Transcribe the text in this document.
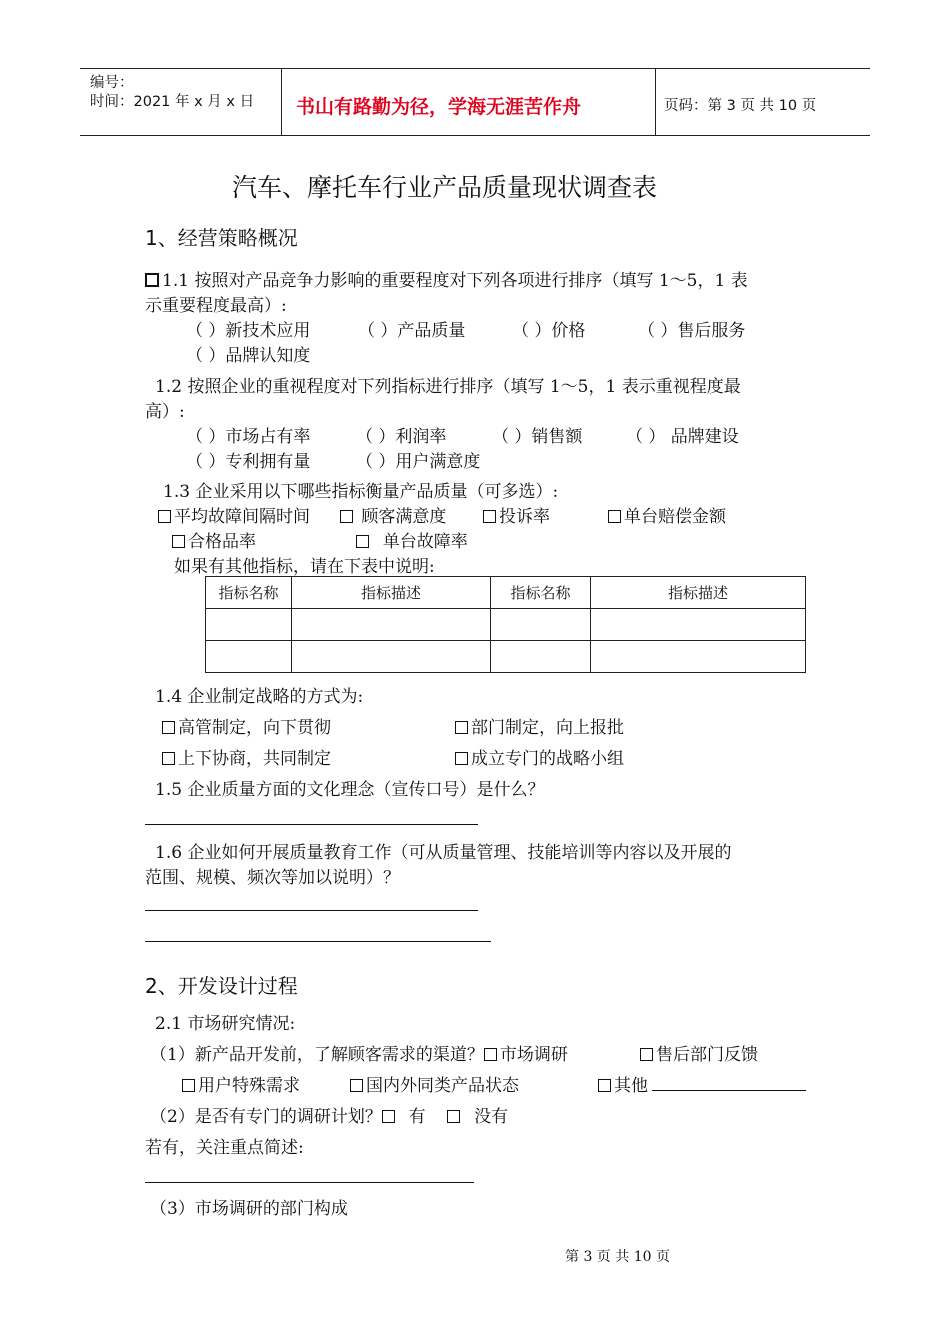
编号：
时间：2021 年 x 月 x 日 书山有路勤为径，学海无涯苦作舟	页码：第 3 页 共 10 页
汽车、摩托车行业产品质量现状调查表
1、经营策略概况
1.1 按照对产品竞争力影响的重要程度对下列各项进行排序（填写 1～5，1 表
示重要程度最高）:
（ ）新技术应用	（ ）产品质量	（ ）价格	（ ）售后服务
（ ）品牌认知度
1.2 按照企业的重视程度对下列指标进行排序（填写 1～5，1 表示重视程度最
高）:
（ ）市场占有率	（ ）利润率	（ ）销售额	（ ） 品牌建设
（ ）专利拥有量	（ ）用户满意度
1.3 企业采用以下哪些指标衡量产品质量（可多选）:
平均故障间隔时间	顾客满意度	投诉率	单台赔偿金额
合格品率	单台故障率
如果有其他指标，请在下表中说明:
指标名称	指标描述	指标名称	指标描述

1.4 企业制定战略的方式为:
高管制定，向下贯彻	部门制定，向上报批
上下协商，共同制定	成立专门的战略小组
1.5 企业质量方面的文化理念（宣传口号）是什么？
1.6 企业如何开展质量教育工作（可从质量管理、技能培训等内容以及开展的
范围、规模、频次等加以说明）？
2、开发设计过程
2.1 市场研究情况:
（1）新产品开发前，了解顾客需求的渠道？ 市场调研	售后部门反馈
用户特殊需求	国内外同类产品状态	其他
（2）是否有专门的调研计划？ 有	没有
若有，关注重点简述:
（3）市场调研的部门构成
第 3 页 共 10 页
